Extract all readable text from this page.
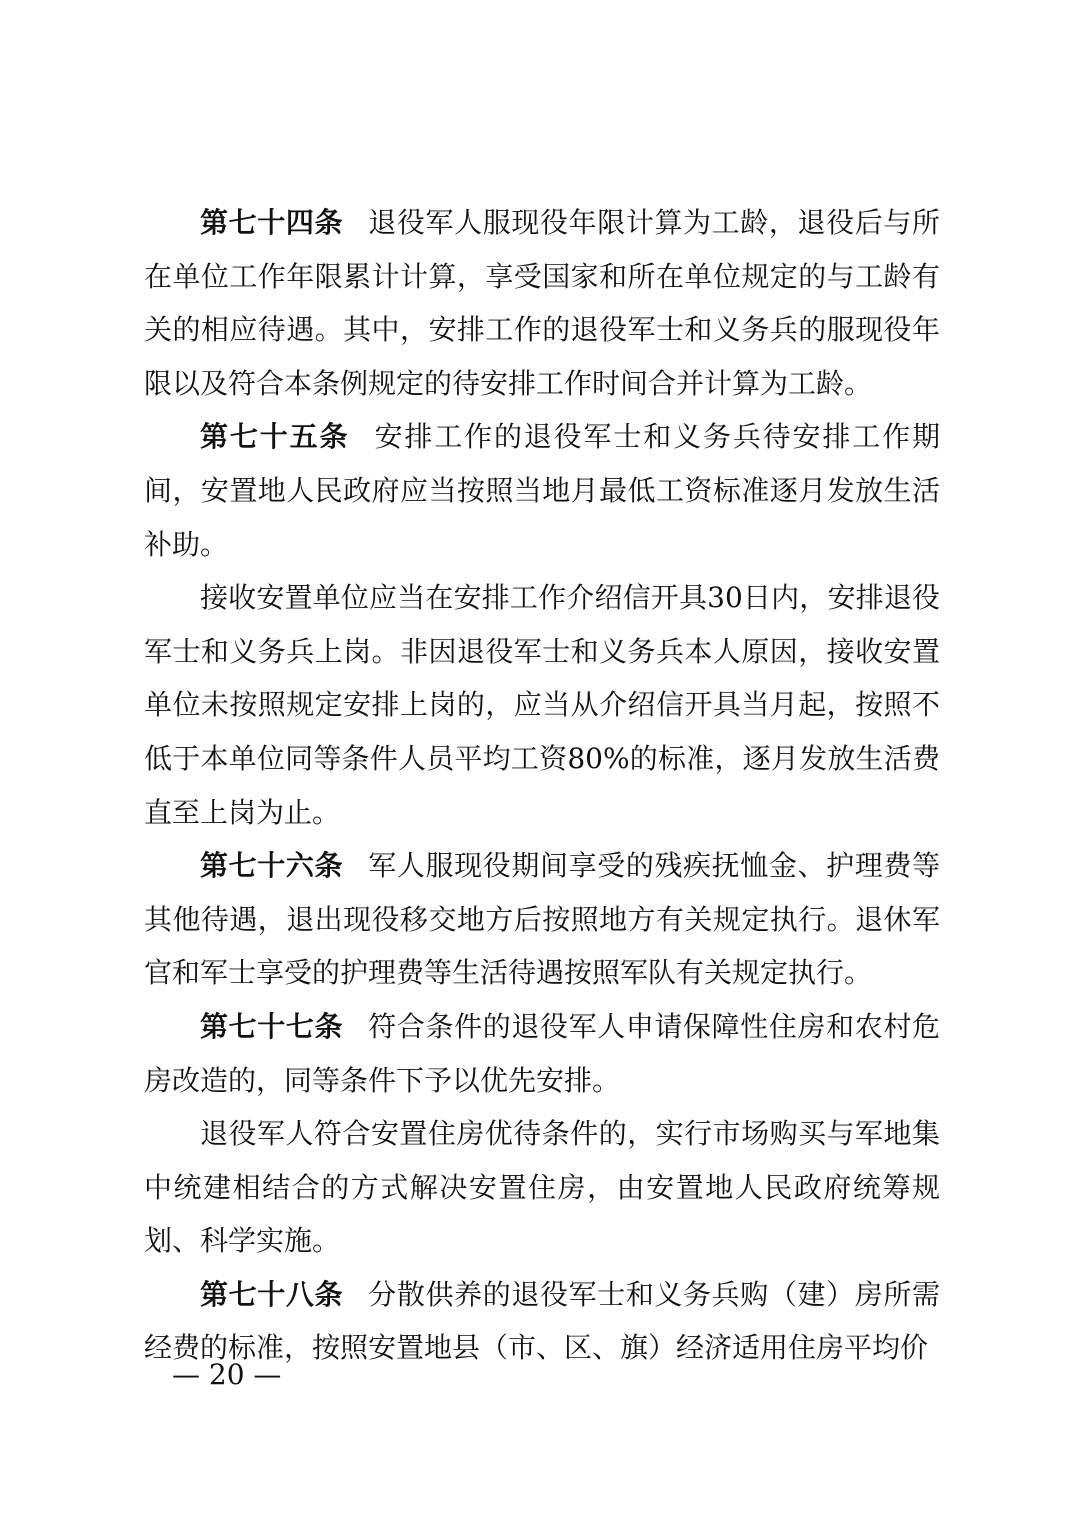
第七十四条 退役军人服现役年限计算为工龄，退役后与所在单位工作年限累计计算，享受国家和所在单位规定的与工龄有关的相应待遇。其中，安排工作的退役军士和义务兵的服现役年限以及符合本条例规定的待安排工作时间合并计算为工龄。

第七十五条 安排工作的退役军士和义务兵待安排工作期间，安置地人民政府应当按照当地月最低工资标准逐月发放生活补助。

接收安置单位应当在安排工作介绍信开具30日内，安排退役军士和义务兵上岗。非因退役军士和义务兵本人原因，接收安置单位未按照规定安排上岗的，应当从介绍信开具当月起，按照不低于本单位同等条件人员平均工资80%的标准，逐月发放生活费直至上岗为止。

第七十六条 军人服现役期间享受的残疾抚恤金、护理费等其他待遇，退出现役移交地方后按照地方有关规定执行。退休军官和军士享受的护理费等生活待遇按照军队有关规定执行。

第七十七条 符合条件的退役军人申请保障性住房和农村危房改造的，同等条件下予以优先安排。

退役军人符合安置住房优待条件的，实行市场购买与军地集中统建相结合的方式解决安置住房，由安置地人民政府统筹规划、科学实施。

第七十八条 分散供养的退役军士和义务兵购（建）房所需经费的标准，按照安置地县（市、区、旗）经济适用住房平均价

— 20 —
